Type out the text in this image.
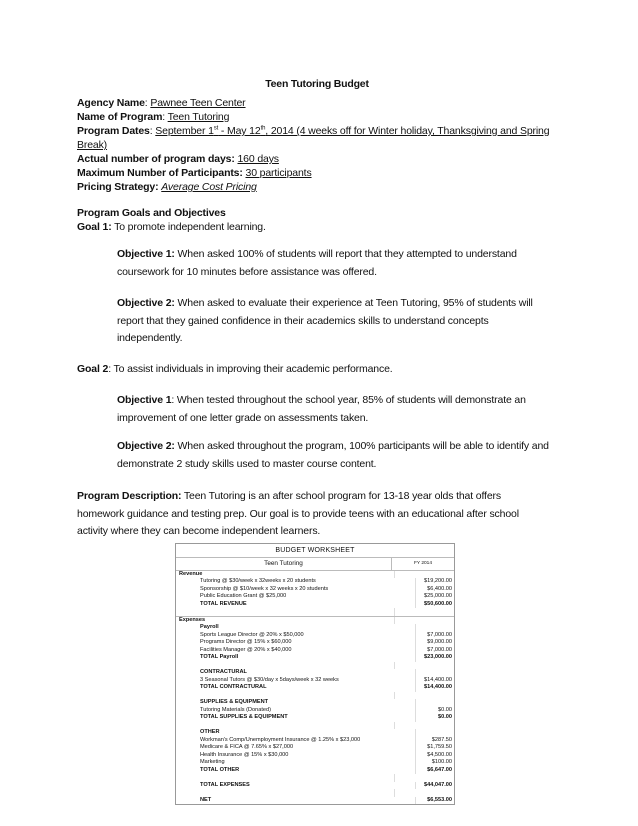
Teen Tutoring Budget
Agency Name: Pawnee Teen Center
Name of Program: Teen Tutoring
Program Dates: September 1st - May 12th, 2014 (4 weeks off for Winter holiday, Thanksgiving and Spring
Break)
Actual number of program days: 160 days
Maximum Number of Participants: 30 participants
Pricing Strategy: Average Cost Pricing
Program Goals and Objectives
Goal 1: To promote independent learning.
Objective 1: When asked 100% of students will report that they attempted to understand
coursework for 10 minutes before assistance was offered.
Objective 2: When asked to evaluate their experience at Teen Tutoring, 95% of students will
report that they gained confidence in their academics skills to understand concepts
independently.
Goal 2: To assist individuals in improving their academic performance.
Objective 1: When tested throughout the school year, 85% of students will demonstrate an
improvement of one letter grade on assessments taken.
Objective 2: When asked throughout the program, 100% participants will be able to identify and
demonstrate 2 study skills used to master course content.
Program Description: Teen Tutoring is an after school program for 13-18 year olds that offers
homework guidance and testing prep. Our goal is to provide teens with an educational after school
activity where they can become independent learners.
BUDGET WORKSHEET
Teen Tutoring	FY 2014
Revenue
Tutoring @ $30/week x 32weeks x 20 students	$19,200.00
Sponsorship @ $10/week x 32 weeks x 20 students	$6,400.00
Public Education Grant @ $25,000	$25,000.00
TOTAL REVENUE	$50,600.00
Expenses
Payroll
Sports League Director @ 20% x $50,000	$7,000.00
Programs Director @ 15% x $60,000	$9,000.00
Facilities Manager @ 20% x $40,000	$7,000.00
TOTAL Payroll	$23,000.00
CONTRACTURAL
3 Seasonal Tutors @ $30/day x 5days/week x 32 weeks	$14,400.00
TOTAL CONTRACTURAL	$14,400.00
SUPPLIES & EQUIPMENT
Tutoring Materials (Donated)	$0.00
TOTAL SUPPLIES & EQUIPMENT	$0.00
OTHER
Workman's Comp/Unemployment Insurance @ 1.25% x $23,000	$287.50
Medicare & FICA @ 7.65% x $27,000	$1,759.50
Health Insurance @ 15% x $30,000	$4,500.00
Marketing	$100.00
TOTAL OTHER	$6,647.00
TOTAL EXPENSES	$44,047.00
NET	$6,553.00
